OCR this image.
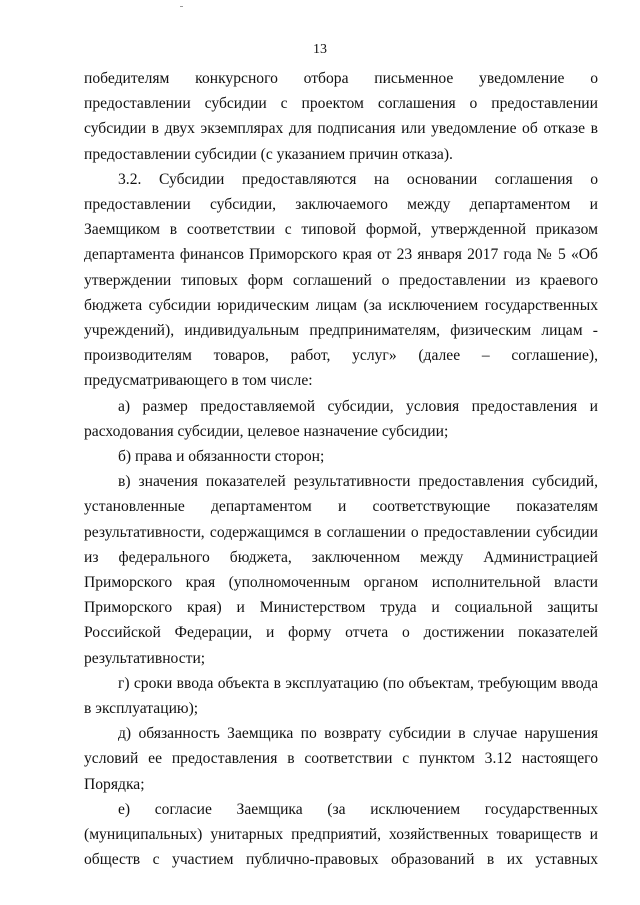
13

победителям конкурсного отбора письменное уведомление о предоставлении субсидии с проектом соглашения о предоставлении субсидии в двух экземплярах для подписания или уведомление об отказе в предоставлении субсидии (с указанием причин отказа).

3.2. Субсидии предоставляются на основании соглашения о предоставлении субсидии, заключаемого между департаментом и Заемщиком в соответствии с типовой формой, утвержденной приказом департамента финансов Приморского края от 23 января 2017 года № 5 «Об утверждении типовых форм соглашений о предоставлении из краевого бюджета субсидии юридическим лицам (за исключением государственных учреждений), индивидуальным предпринимателям, физическим лицам - производителям товаров, работ, услуг» (далее – соглашение), предусматривающего в том числе:

а) размер предоставляемой субсидии, условия предоставления и расходования субсидии, целевое назначение субсидии;

б) права и обязанности сторон;

в) значения показателей результативности предоставления субсидий, установленные департаментом и соответствующие показателям результативности, содержащимся в соглашении о предоставлении субсидии из федерального бюджета, заключенном между Администрацией Приморского края (уполномоченным органом исполнительной власти Приморского края) и Министерством труда и социальной защиты Российской Федерации, и форму отчета о достижении показателей результативности;

г) сроки ввода объекта в эксплуатацию (по объектам, требующим ввода в эксплуатацию);

д) обязанность Заемщика по возврату субсидии в случае нарушения условий ее предоставления в соответствии с пунктом 3.12 настоящего Порядка;

е) согласие Заемщика (за исключением государственных (муниципальных) унитарных предприятий, хозяйственных товариществ и обществ с участием публично-правовых образований в их уставных
